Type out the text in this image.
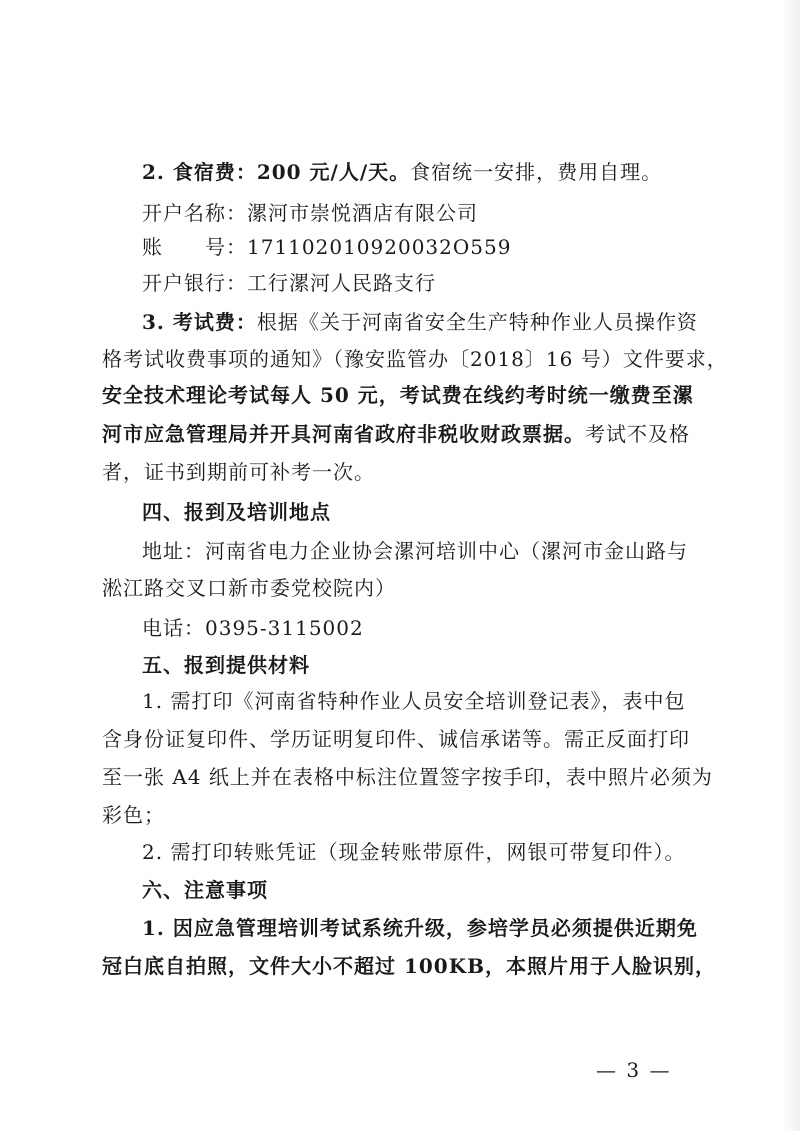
2. 食宿费：200 元/人/天。食宿统一安排，费用自理。
开户名称：漯河市崇悦酒店有限公司
账　　号：171102010920032O559
开户银行：工行漯河人民路支行
3. 考试费：根据《关于河南省安全生产特种作业人员操作资
格考试收费事项的通知》（豫安监管办〔2018〕16 号）文件要求，
安全技术理论考试每人 50 元，考试费在线约考时统一缴费至漯
河市应急管理局并开具河南省政府非税收财政票据。考试不及格
者，证书到期前可补考一次。
四、报到及培训地点
地址：河南省电力企业协会漯河培训中心（漯河市金山路与
淞江路交叉口新市委党校院内）
电话：0395-3115002
五、报到提供材料
1. 需打印《河南省特种作业人员安全培训登记表》，表中包
含身份证复印件、学历证明复印件、诚信承诺等。需正反面打印
至一张 A4 纸上并在表格中标注位置签字按手印，表中照片必须为
彩色；
2. 需打印转账凭证（现金转账带原件，网银可带复印件）。
六、注意事项
1. 因应急管理培训考试系统升级，参培学员必须提供近期免
冠白底自拍照，文件大小不超过 100KB，本照片用于人脸识别，
— 3 —
